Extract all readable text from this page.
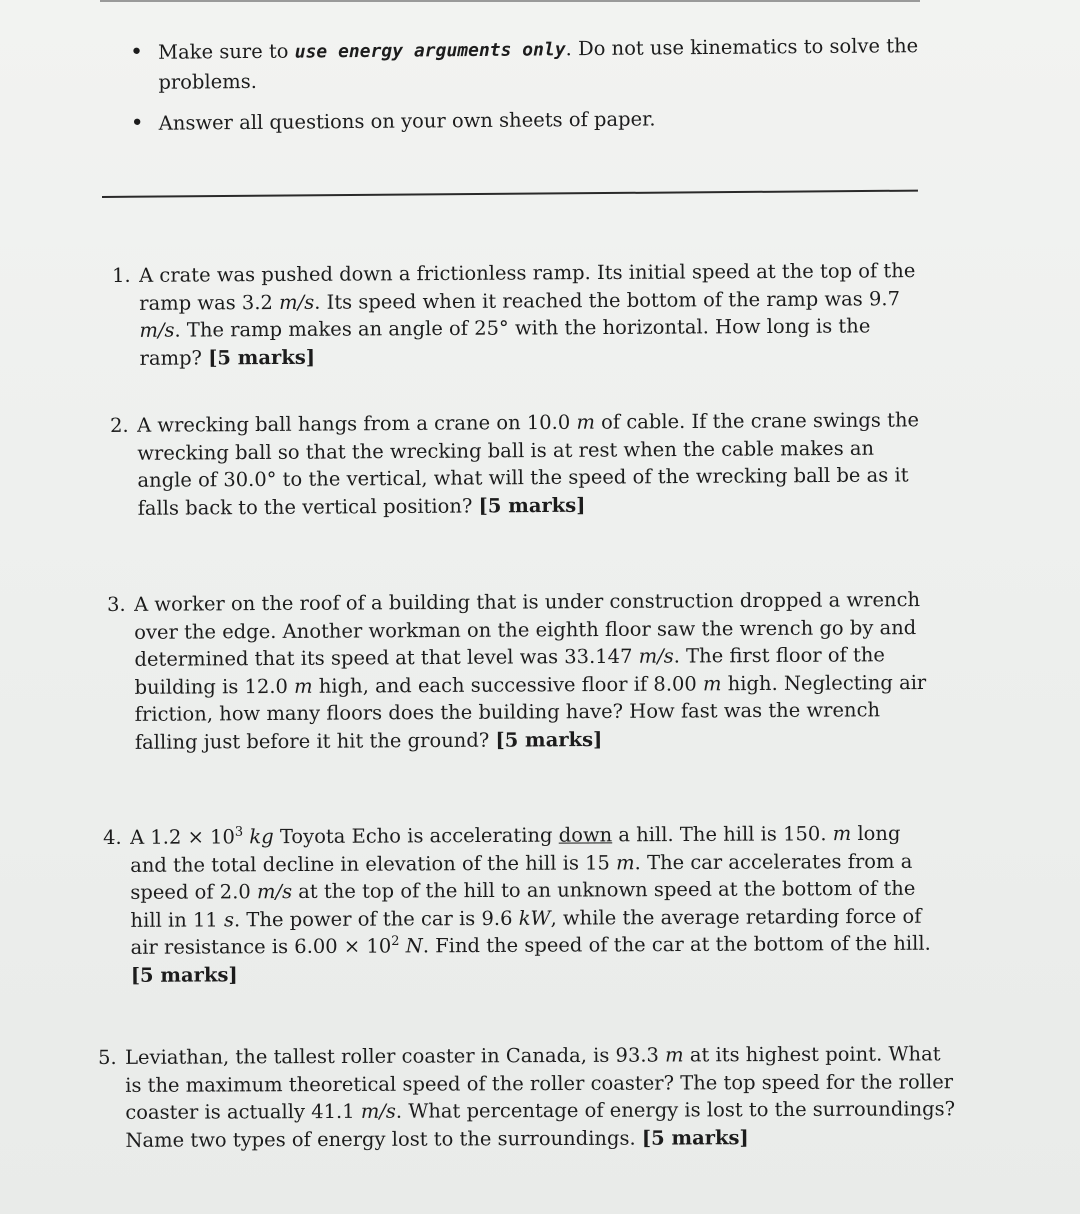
• Make sure to use energy arguments only. Do not use kinematics to solve the problems.
• Answer all questions on your own sheets of paper.
1. A crate was pushed down a frictionless ramp. Its initial speed at the top of the ramp was 3.2 m/s. Its speed when it reached the bottom of the ramp was 9.7 m/s. The ramp makes an angle of 25° with the horizontal. How long is the ramp? [5 marks]
2. A wrecking ball hangs from a crane on 10.0 m of cable. If the crane swings the wrecking ball so that the wrecking ball is at rest when the cable makes an angle of 30.0° to the vertical, what will the speed of the wrecking ball be as it falls back to the vertical position? [5 marks]
3. A worker on the roof of a building that is under construction dropped a wrench over the edge. Another workman on the eighth floor saw the wrench go by and determined that its speed at that level was 33.147 m/s. The first floor of the building is 12.0 m high, and each successive floor if 8.00 m high. Neglecting air friction, how many floors does the building have? How fast was the wrench falling just before it hit the ground? [5 marks]
4. A $1.2 \times 10^3$ kg Toyota Echo is accelerating down a hill. The hill is 150. m long and the total decline in elevation of the hill is 15 m. The car accelerates from a speed of 2.0 m/s at the top of the hill to an unknown speed at the bottom of the hill in 11 s. The power of the car is 9.6 kW, while the average retarding force of air resistance is $6.00 \times 10^2$ N. Find the speed of the car at the bottom of the hill. [5 marks]
5. Leviathan, the tallest roller coaster in Canada, is 93.3 m at its highest point. What is the maximum theoretical speed of the roller coaster? The top speed for the roller coaster is actually 41.1 m/s. What percentage of energy is lost to the surroundings? Name two types of energy lost to the surroundings. [5 marks]
